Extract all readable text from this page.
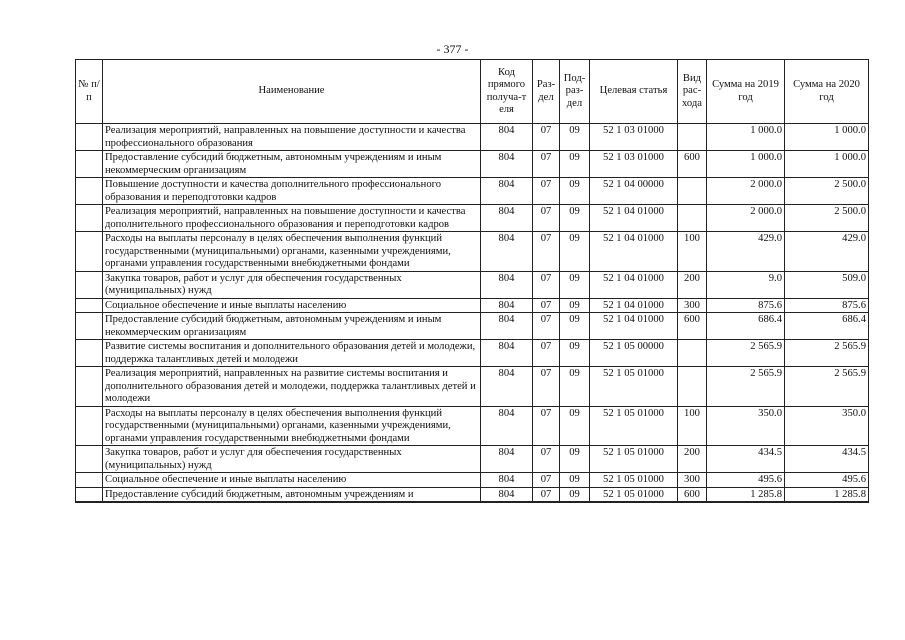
- 377 -
№ п/п	Наименование	Код прямого получа-т еля	Раз-дел	Под-раз-дел	Целевая статья	Вид рас-хода	Сумма на 2019 год	Сумма на 2020 год
	Реализация мероприятий, направленных на повышение доступности и качества профессионального образования	804	07	09	52 1 03 01000		1 000.0	1 000.0
	Предоставление субсидий бюджетным, автономным учреждениям и иным некоммерческим организациям	804	07	09	52 1 03 01000	600	1 000.0	1 000.0
	Повышение доступности и качества дополнительного профессионального образования и переподготовки кадров	804	07	09	52 1 04 00000		2 000.0	2 500.0
	Реализация мероприятий, направленных на повышение доступности и качества дополнительного профессионального образования и переподготовки кадров	804	07	09	52 1 04 01000		2 000.0	2 500.0
	Расходы на выплаты персоналу в целях обеспечения выполнения функций государственными (муниципальными) органами, казенными учреждениями, органами управления государственными внебюджетными фондами	804	07	09	52 1 04 01000	100	429.0	429.0
	Закупка товаров, работ и услуг для обеспечения государственных (муниципальных) нужд	804	07	09	52 1 04 01000	200	9.0	509.0
	Социальное обеспечение и иные выплаты населению	804	07	09	52 1 04 01000	300	875.6	875.6
	Предоставление субсидий бюджетным, автономным учреждениям и иным некоммерческим организациям	804	07	09	52 1 04 01000	600	686.4	686.4
	Развитие системы воспитания и дополнительного образования детей и молодежи, поддержка талантливых детей и молодежи	804	07	09	52 1 05 00000		2 565.9	2 565.9
	Реализация мероприятий, направленных на развитие системы воспитания и дополнительного образования детей и молодежи, поддержка талантливых детей и молодежи	804	07	09	52 1 05 01000		2 565.9	2 565.9
	Расходы на выплаты персоналу в целях обеспечения выполнения функций государственными (муниципальными) органами, казенными учреждениями, органами управления государственными внебюджетными фондами	804	07	09	52 1 05 01000	100	350.0	350.0
	Закупка товаров, работ и услуг для обеспечения государственных (муниципальных) нужд	804	07	09	52 1 05 01000	200	434.5	434.5
	Социальное обеспечение и иные выплаты населению	804	07	09	52 1 05 01000	300	495.6	495.6
	Предоставление субсидий бюджетным, автономным учреждениям и	804	07	09	52 1 05 01000	600	1 285.8	1 285.8
